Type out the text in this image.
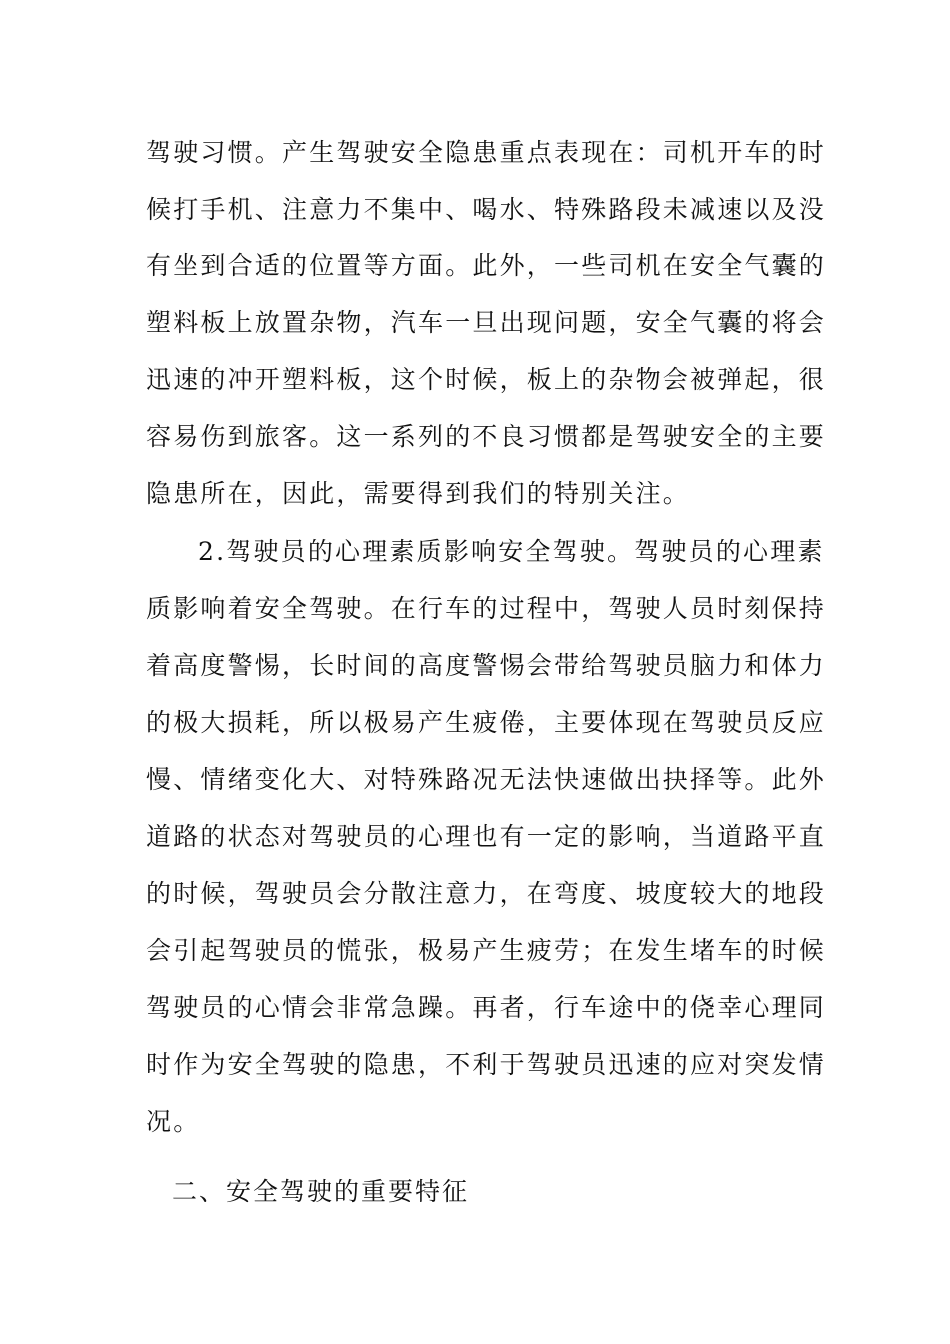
驾驶习惯。产生驾驶安全隐患重点表现在：司机开车的时
候打手机、注意力不集中、喝水、特殊路段未减速以及没
有坐到合适的位置等方面。此外，一些司机在安全气囊的
塑料板上放置杂物，汽车一旦出现问题，安全气囊的将会
迅速的冲开塑料板，这个时候，板上的杂物会被弹起，很
容易伤到旅客。这一系列的不良习惯都是驾驶安全的主要
隐患所在，因此，需要得到我们的特别关注。
2.驾驶员的心理素质影响安全驾驶。驾驶员的心理素
质影响着安全驾驶。在行车的过程中，驾驶人员时刻保持
着高度警惕，长时间的高度警惕会带给驾驶员脑力和体力
的极大损耗，所以极易产生疲倦，主要体现在驾驶员反应
慢、情绪变化大、对特殊路况无法快速做出抉择等。此外
道路的状态对驾驶员的心理也有一定的影响，当道路平直
的时候，驾驶员会分散注意力，在弯度、坡度较大的地段
会引起驾驶员的慌张，极易产生疲劳；在发生堵车的时候
驾驶员的心情会非常急躁。再者，行车途中的侥幸心理同
时作为安全驾驶的隐患，不利于驾驶员迅速的应对突发情
况。
二、安全驾驶的重要特征
